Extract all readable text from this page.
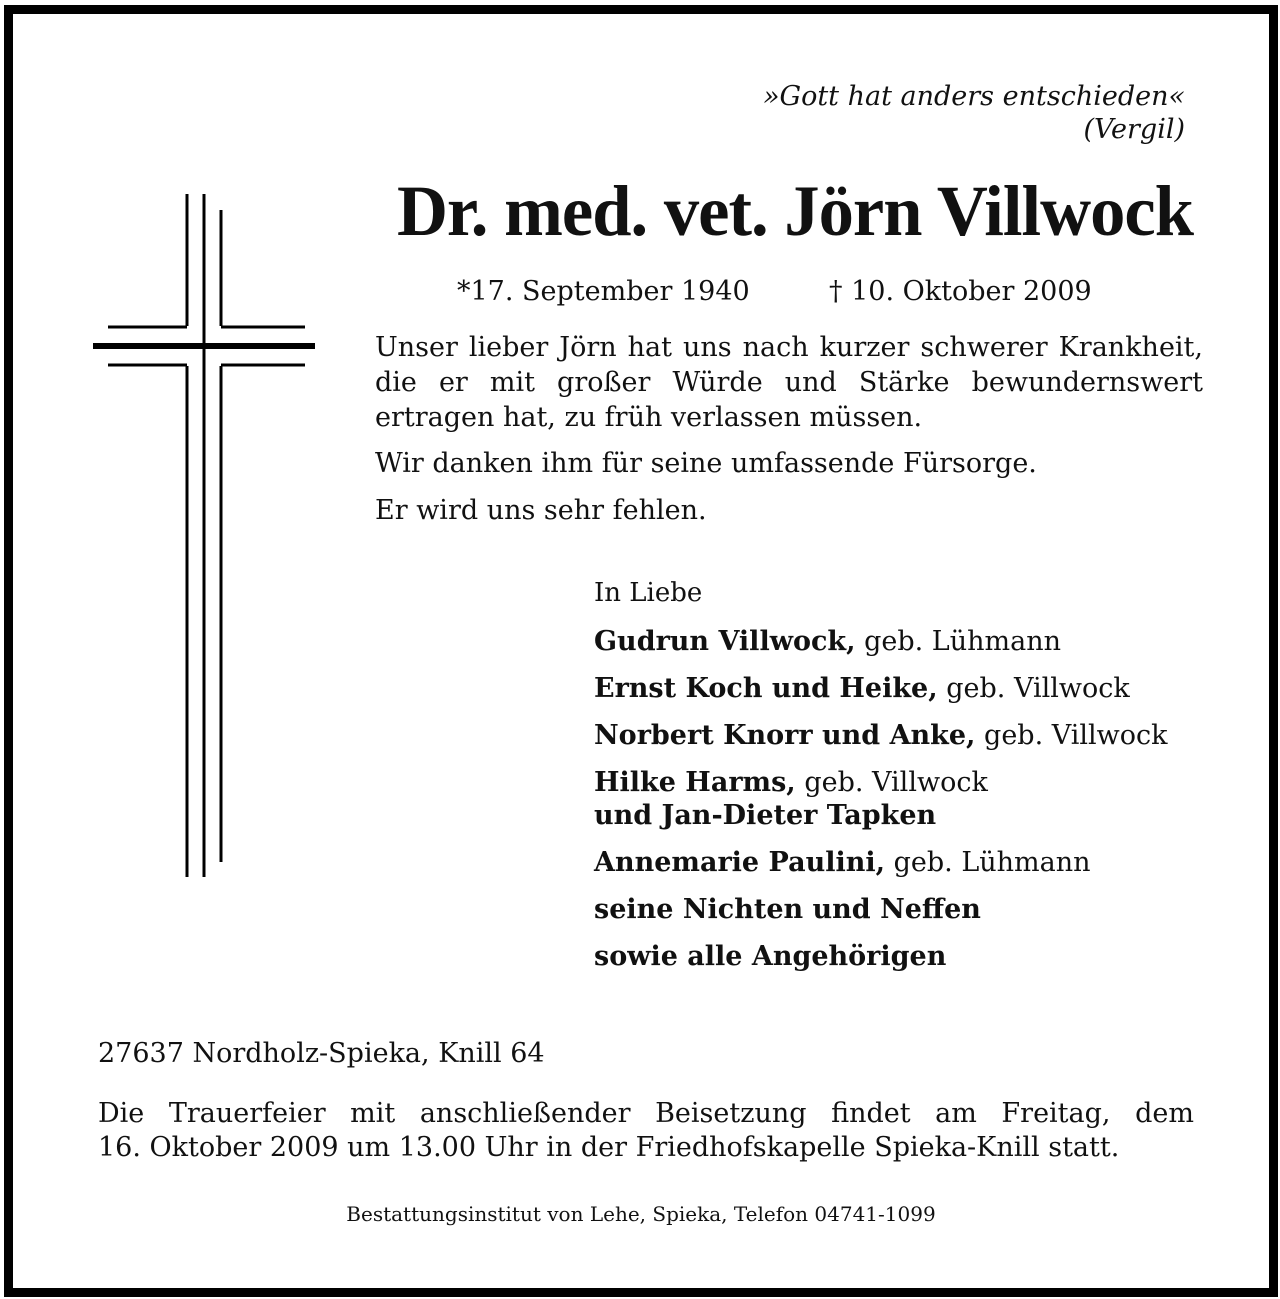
»Gott hat anders entschieden«
(Vergil)
Dr. med. vet. Jörn Villwock
*17. September 1940	† 10. Oktober 2009
Unser lieber Jörn hat uns nach kurzer schwerer Krankheit, die er mit großer Würde und Stärke bewundernswert ertragen hat, zu früh verlassen müssen.
Wir danken ihm für seine umfassende Fürsorge.
Er wird uns sehr fehlen.
In Liebe
Gudrun Villwock, geb. Lühmann
Ernst Koch und Heike, geb. Villwock
Norbert Knorr und Anke, geb. Villwock
Hilke Harms, geb. Villwock
und Jan-Dieter Tapken
Annemarie Paulini, geb. Lühmann
seine Nichten und Neffen
sowie alle Angehörigen
27637 Nordholz-Spieka, Knill 64
Die Trauerfeier mit anschließender Beisetzung findet am Freitag, dem
16. Oktober 2009 um 13.00 Uhr in der Friedhofskapelle Spieka-Knill statt.
Bestattungsinstitut von Lehe, Spieka, Telefon 04741-1099
